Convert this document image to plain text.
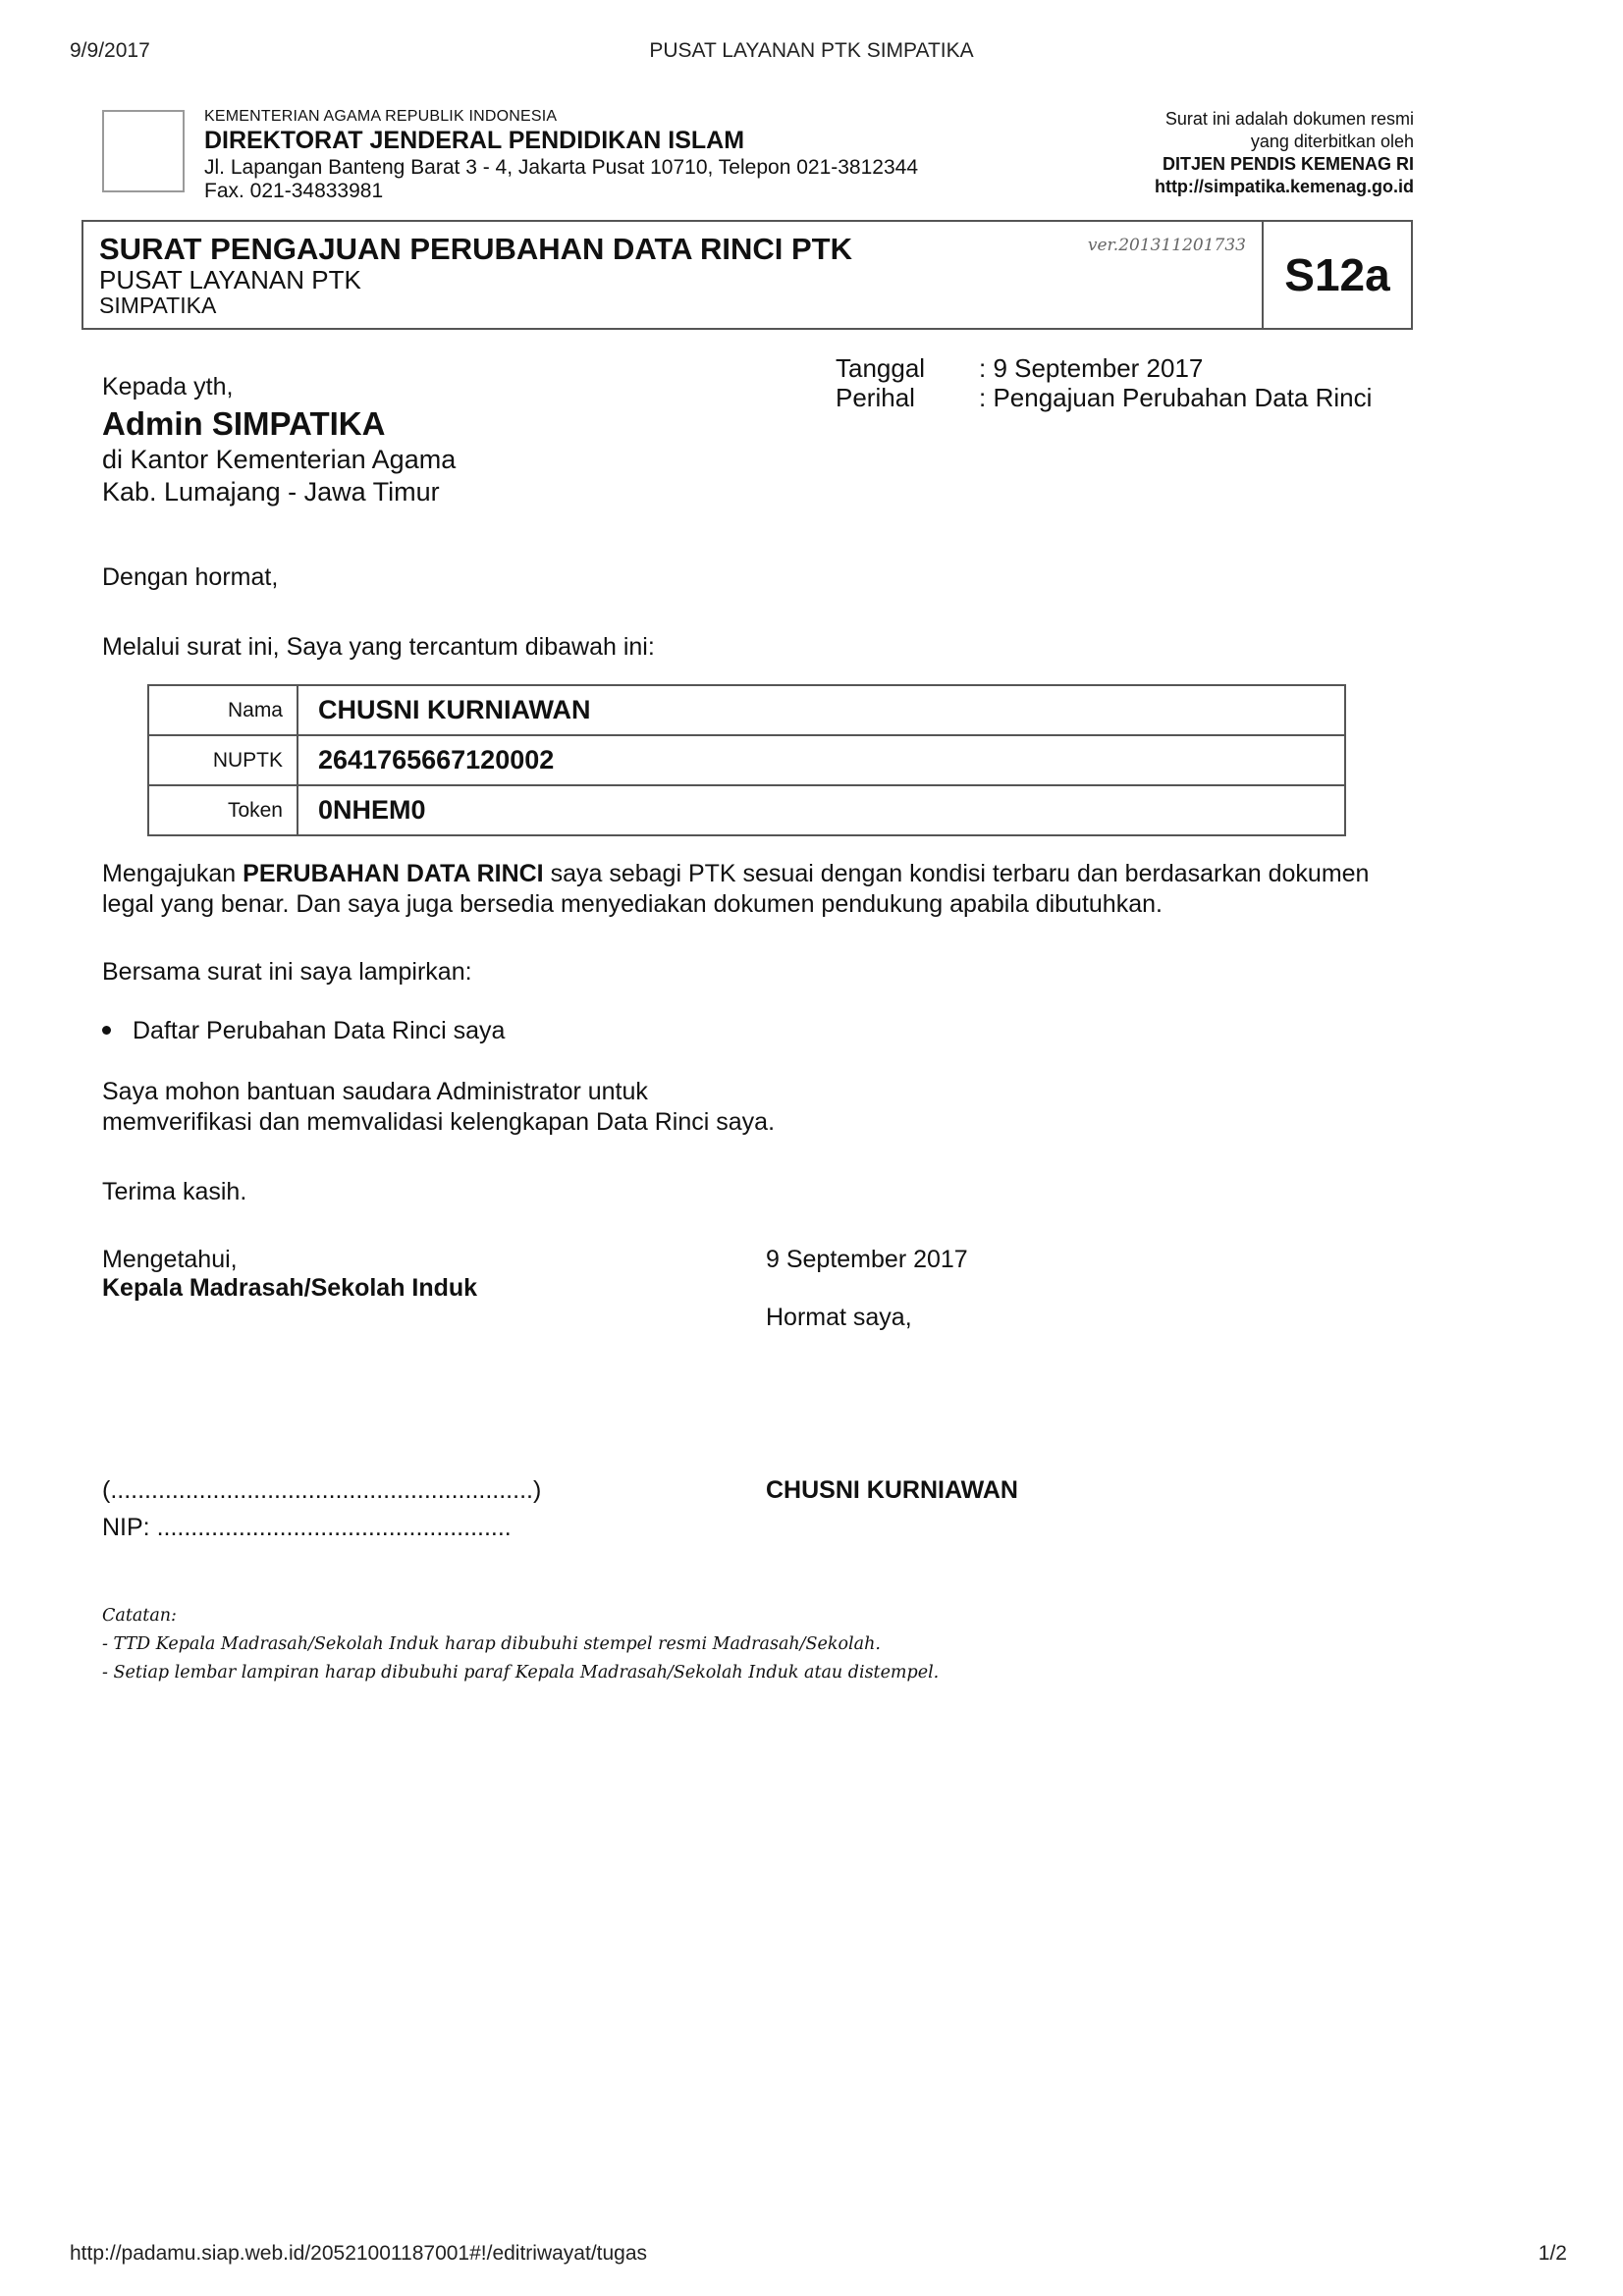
9/9/2017	PUSAT LAYANAN PTK SIMPATIKA
KEMENTERIAN AGAMA REPUBLIK INDONESIA
DIREKTORAT JENDERAL PENDIDIKAN ISLAM
Jl. Lapangan Banteng Barat 3 - 4, Jakarta Pusat 10710, Telepon 021-3812344
Fax. 021-34833981
Surat ini adalah dokumen resmi
yang diterbitkan oleh
DITJEN PENDIS KEMENAG RI
http://simpatika.kemenag.go.id
SURAT PENGAJUAN PERUBAHAN DATA RINCI PTK
PUSAT LAYANAN PTK
SIMPATIKA
ver.201311201733
S12a
Kepada yth,
Admin SIMPATIKA
di Kantor Kementerian Agama
Kab. Lumajang - Jawa Timur
Tanggal	: 9 September 2017
Perihal	: Pengajuan Perubahan Data Rinci
Dengan hormat,
Melalui surat ini, Saya yang tercantum dibawah ini:
Nama	CHUSNI KURNIAWAN
NUPTK	2641765667120002
Token	0NHEM0
Mengajukan PERUBAHAN DATA RINCI saya sebagi PTK sesuai dengan kondisi terbaru dan berdasarkan dokumen
legal yang benar. Dan saya juga bersedia menyediakan dokumen pendukung apabila dibutuhkan.
Bersama surat ini saya lampirkan:
Daftar Perubahan Data Rinci saya
Saya mohon bantuan saudara Administrator untuk
memverifikasi dan memvalidasi kelengkapan Data Rinci saya.
Terima kasih.
Mengetahui,
Kepala Madrasah/Sekolah Induk
9 September 2017
Hormat saya,
(..............................................................)
NIP: ....................................................
CHUSNI KURNIAWAN
Catatan:
- TTD Kepala Madrasah/Sekolah Induk harap dibubuhi stempel resmi Madrasah/Sekolah.
- Setiap lembar lampiran harap dibubuhi paraf Kepala Madrasah/Sekolah Induk atau distempel.
http://padamu.siap.web.id/20521001187001#!/editriwayat/tugas	1/2
